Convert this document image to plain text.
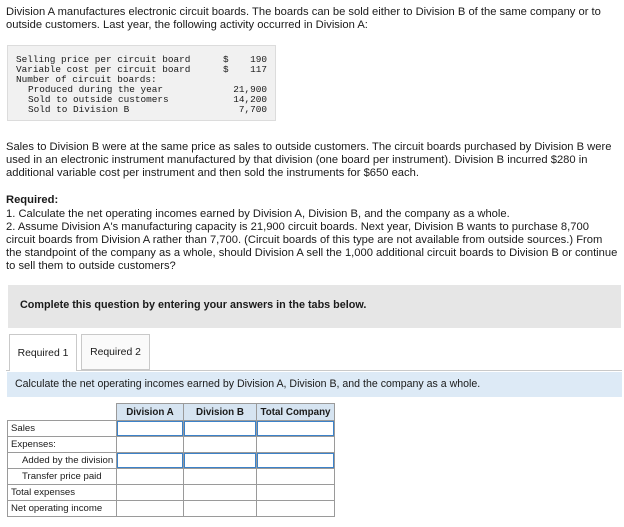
Division A manufactures electronic circuit boards. The boards can be sold either to Division B of the same company or to outside customers. Last year, the following activity occurred in Division A:
Selling price per circuit board	$ 190
Variable cost per circuit board	$ 117
Number of circuit boards:
Produced during the year	21,900
Sold to outside customers	14,200
Sold to Division B	7,700
Sales to Division B were at the same price as sales to outside customers. The circuit boards purchased by Division B were used in an electronic instrument manufactured by that division (one board per instrument). Division B incurred $280 in additional variable cost per instrument and then sold the instruments for $650 each.
Required:
1. Calculate the net operating incomes earned by Division A, Division B, and the company as a whole.
2. Assume Division A's manufacturing capacity is 21,900 circuit boards. Next year, Division B wants to purchase 8,700 circuit boards from Division A rather than 7,700. (Circuit boards of this type are not available from outside sources.) From the standpoint of the company as a whole, should Division A sell the 1,000 additional circuit boards to Division B or continue to sell them to outside customers?
Complete this question by entering your answers in the tabs below.
Required 1	Required 2
Calculate the net operating incomes earned by Division A, Division B, and the company as a whole.
	Division A	Division B	Total Company
Sales	

Expenses:			
Added by the division	

Transfer price paid			
Total expenses			
Net operating income			
